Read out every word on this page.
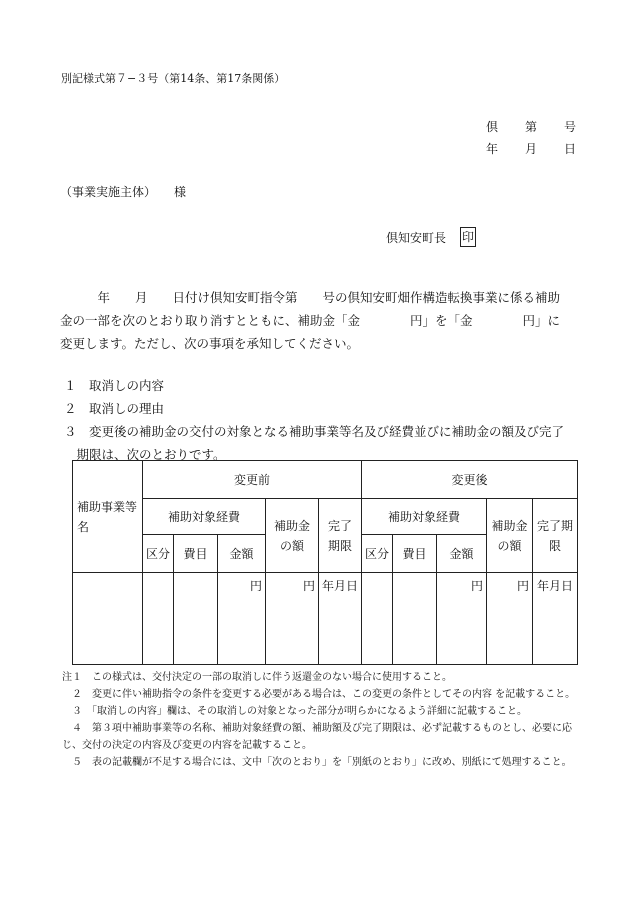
別記様式第７−３号（第14条、第17条関係）
倶 第 号
年 月 日
（事業実施主体）　　様
倶知安町長 印

　　　年　　月　　日付け倶知安町指令第　　号の倶知安町畑作構造転換事業に係る補助

金の一部を次のとおり取り消すとともに、補助金「金　　　　円」を「金　　　　円」に

変更します。ただし、次の事項を承知してください。

１　取消しの内容
２　取消しの理由
３　変更後の補助金の交付の対象となる補助事業等名及び経費並びに補助金の額及び完了
　期限は、次のとおりです。
補助事業等名	変更前					変更後				
	補助対象経費			補助金の額	完了期限	補助対象経費			補助金の額	完了期限
	区分	費目	金額			区分	費目	金額		
			円	円	年月日			円	円	年月日
注１　この様式は、交付決定の一部の取消しに伴う返還金のない場合に使用すること。
　２　変更に伴い補助指令の条件を変更する必要がある場合は、この変更の条件としてその内容 を記載すること。
　３　「取消しの内容」欄は、その取消しの対象となった部分が明らかになるよう詳細に記載すること。
　４　第３項中補助事業等の名称、補助対象経費の額、補助額及び完了期限は、必ず記載するものとし、必要に応じ、交付の決定の内容及び変更の内容を記載すること。
　５　表の記載欄が不足する場合には、文中「次のとおり」を「別紙のとおり」に改め、別紙にて処理すること。
